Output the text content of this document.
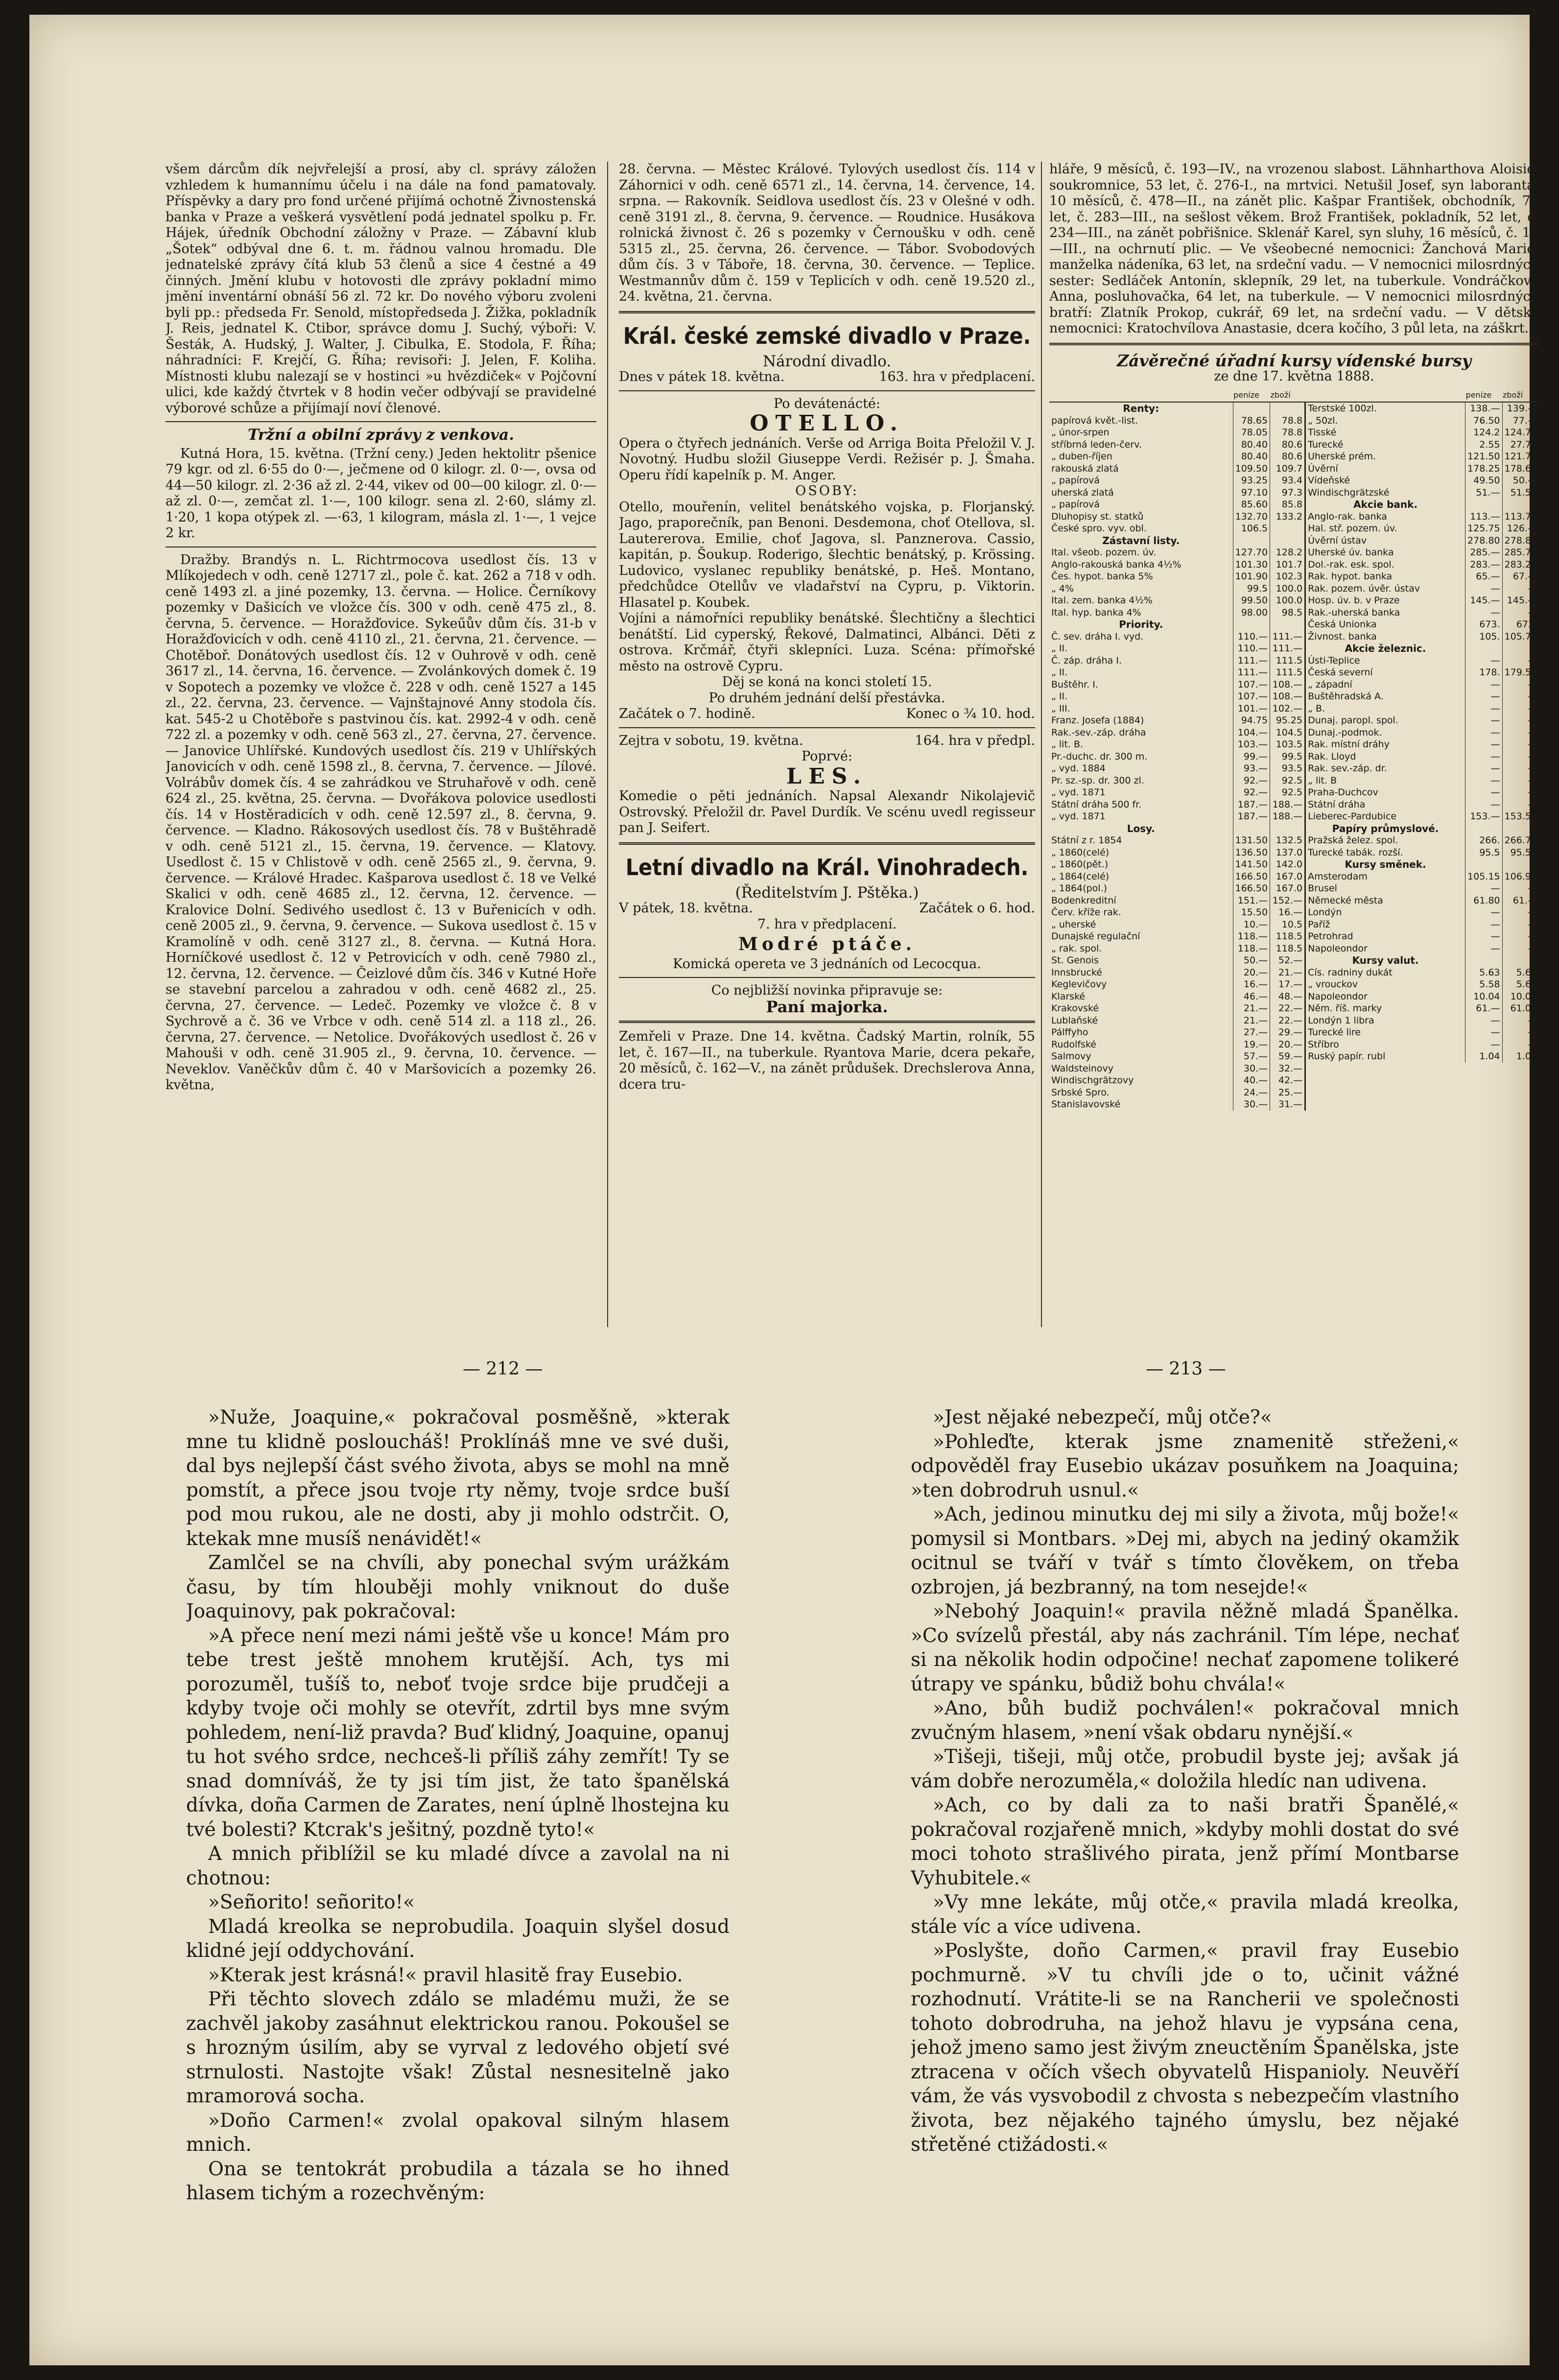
všem dárcům dík nejvřelejší a prosí, aby cl. správy záložen vzhledem k humannímu účelu i na dále na fond pamatovaly. Příspěvky a dary pro fond určené přijímá ochotně Živnostenská banka v Praze a veškerá vysvětlení podá jednatel spolku p. Fr. Hájek, úředník Obchodní záložny v Praze. — Zábavní klub „Šotek“ odbýval dne 6. t. m. řádnou valnou hromadu. Dle jednatelské zprávy čítá klub 53 členů a sice 4 čestné a 49 činných. Jmění klubu v hotovosti dle zprávy pokladní mimo jmění inventární obnáší 56 zl. 72 kr. Do nového výboru zvoleni byli pp.: předseda Fr. Senold, místopředseda J. Žižka, pokladník J. Reis, jednatel K. Ctibor, správce domu J. Suchý, výboři: V. Šesták, A. Hudský, J. Walter, J. Cibulka, E. Stodola, F. Říha; náhradníci: F. Krejčí, G. Říha; revisoři: J. Jelen, F. Koliha. Místnosti klubu nalezají se v hostinci »u hvězdiček« v Pojčovní ulici, kde každý čtvrtek v 8 hodin večer odbývají se pravidelné výborové schůze a přijímají noví členové.

Tržní a obilní zprávy z venkova.

Kutná Hora, 15. května. (Tržní ceny.) Jeden hektolitr pšenice 79 kgr. od zl. 6·55 do 0·—, ječmene od 0 kilogr. zl. 0·—, ovsa od 44—50 kilogr. zl. 2·36 až zl. 2·44, vikev od 00—00 kilogr. zl. 0·— až zl. 0·—, zemčat zl. 1·—, 100 kilogr. sena zl. 2·60, slámy zl. 1·20, 1 kopa otýpek zl. —·63, 1 kilogram, másla zl. 1·—, 1 vejce 2 kr.

Dražby. Brandýs n. L. Richtrmocova usedlost čís. 13 v Mlíkojedech v odh. ceně 12717 zl., pole č. kat. 262 a 718 v odh. ceně 1493 zl. a jiné pozemky, 13. června. — Holice. Černíkovy pozemky v Dašicích ve vložce čís. 300 v odh. ceně 475 zl., 8. června, 5. července. — Horažďovice. Sykeűův dům čís. 31-b v Horažďovicích v odh. ceně 4110 zl., 21. června, 21. července. — Chotěboř. Donátových usedlost čís. 12 v Ouhrově v odh. ceně 3617 zl., 14. června, 16. července. — Zvolánkových domek č. 19 v Sopotech a pozemky ve vložce č. 228 v odh. ceně 1527 a 145 zl., 22. června, 23. července. — Vajnštajnové Anny stodola čís. kat. 545-2 u Chotěboře s pastvinou čís. kat. 2992-4 v odh. ceně 722 zl. a pozemky v odh. ceně 563 zl., 27. června, 27. července. — Janovice Uhlířské. Kundových usedlost čís. 219 v Uhlířských Janovicích v odh. ceně 1598 zl., 8. června, 7. července. — Jílové. Volrábův domek čís. 4 se zahrádkou ve Struhařově v odh. ceně 624 zl., 25. května, 25. června. — Dvořákova polovice usedlosti čís. 14 v Hostěradicích v odh. ceně 12.597 zl., 8. června, 9. července. — Kladno. Rákosových usedlost čís. 78 v Buštěhradě v odh. ceně 5121 zl., 15. června, 19. července. — Klatovy. Usedlost č. 15 v Chlistově v odh. ceně 2565 zl., 9. června, 9. července. — Králové Hradec. Kašparova usedlost č. 18 ve Velké Skalici v odh. ceně 4685 zl., 12. června, 12. července. — Kralovice Dolní. Sedivého usedlost č. 13 v Buřenicích v odh. ceně 2005 zl., 9. června, 9. července. — Sukova usedlost č. 15 v Kramolíně v odh. ceně 3127 zl., 8. června. — Kutná Hora. Horníčkové usedlost č. 12 v Petrovicích v odh. ceně 7980 zl., 12. června, 12. července. — Čeizlové dům čís. 346 v Kutné Hoře se stavební parcelou a zahradou v odh. ceně 4682 zl., 25. června, 27. července. — Ledeč. Pozemky ve vložce č. 8 v Sychrově a č. 36 ve Vrbce v odh. ceně 514 zl. a 118 zl., 26. června, 27. července. — Netolice. Dvořákových usedlost č. 26 v Mahouši v odh. ceně 31.905 zl., 9. června, 10. července. — Neveklov. Vaněčkův dům č. 40 v Maršovicích a pozemky 26. května,

28. června. — Městec Králové. Tylových usedlost čís. 114 v Záhornici v odh. ceně 6571 zl., 14. června, 14. července, 14. srpna. — Rakovník. Seidlova usedlost čís. 23 v Olešné v odh. ceně 3191 zl., 8. června, 9. července. — Roudnice. Husákova rolnická živnost č. 26 s pozemky v Černoušku v odh. ceně 5315 zl., 25. června, 26. července. — Tábor. Svobodových dům čís. 3 v Táboře, 18. června, 30. července. — Teplice. Westmannův dům č. 159 v Teplicích v odh. ceně 19.520 zl., 24. května, 21. června.

Král. české zemské divadlo v Praze.
Národní divadlo.
Dnes v pátek 18. května.	163. hra v předplacení.
Po devátenácté:
OTELLO.

Opera o čtyřech jednáních. Verše od Arriga Boita Přeložil V. J. Novotný. Hudbu složil Giuseppe Verdi. Režisér p. J. Šmaha. Operu řídí kapelník p. M. Anger.

OSOBY:

Otello, mouřenín, velitel benátského vojska, p. Florjanský. Jago, praporečník, pan Benoni. Desdemona, choť Otellova, sl. Lautererova. Emilie, choť Jagova, sl. Panznerova. Cassio, kapitán, p. Šoukup. Roderigo, šlechtic benátský, p. Krössing. Ludovico, vyslanec republiky benátské, p. Heš. Montano, předchůdce Otellův ve vladařství na Cypru, p. Viktorin. Hlasatel p. Koubek.

Vojíni a námořníci republiky benátské. Šlechtičny a šlechtici benátští. Lid cyperský, Řekové, Dalmatinci, Albánci. Děti z ostrova. Krčmář, čtyři sklepníci. Luza. Scéna: přímořské město na ostrově Cypru.

Děj se koná na konci století 15.
Po druhém jednání delší přestávka.
Začátek o 7. hodině.	Konec o ¾ 10. hod.
Zejtra v sobotu, 19. května.	164. hra v předpl.
Poprvé:
LES.

Komedie o pěti jednáních. Napsal Alexandr Nikolajevič Ostrovský. Přeložil dr. Pavel Durdík. Ve scénu uvedl regisseur pan J. Seifert.

Letní divadlo na Král. Vinohradech.
(Ředitelstvím J. Pštěka.)
V pátek, 18. května.	Začátek o 6. hod.
7. hra v předplacení.
Modré ptáče.
Komická opereta ve 3 jednáních od Lecocqua.
Co nejbližší novinka připravuje se:
Paní majorka.

Zemřeli v Praze. Dne 14. května. Čadský Martin, rolník, 55 let, č. 167—II., na tuberkule. Ryantova Marie, dcera pekaře, 20 měsíců, č. 162—V., na zánět průdušek. Drechslerova Anna, dcera tru-

hláře, 9 měsíců, č. 193—IV., na vrozenou slabost. Lähnharthova Aloisie, soukromnice, 53 let, č. 276-I., na mrtvici. Netušil Josef, syn laboranta, 10 měsíců, č. 478—II., na zánět plic. Kašpar František, obchodník, 73 let, č. 283—III., na sešlost věkem. Brož František, pokladník, 52 let, č. 234—III., na zánět pobřišnice. Sklenář Karel, syn sluhy, 16 měsíců, č. 12—III., na ochrnutí plic. — Ve všeobecné nemocnici: Žanchová Marie, manželka nádeníka, 63 let, na srdeční vadu. — V nemocnici milosrdných sester: Sedláček Antonín, sklepník, 29 let, na tuberkule. Vondráčkova Anna, posluhovačka, 64 let, na tuberkule. — V nemocnici milosrdných bratří: Zlatník Prokop, cukrář, 69 let, na srdeční vadu. — V dětské nemocnici: Kratochvílova Anastasie, dcera kočího, 3 půl leta, na záškrt.

Závěrečné úřadní kursy vídenské bursy
ze dne 17. května 1888.
	peníze	zboží		peníze	zboží
Renty:			Terstské 100zl.	138.—	139.—
papírová květ.-list.	78.65	78.8	„ 50zl.	76.50	77.—
„ únor-srpen	78.05	78.8	Tisské	124.2	124.75
stříbrná leden-červ.	80.40	80.6	Turecké	2.55	27.70
„ duben-říjen	80.40	80.6	Uherské prém.	121.50	121.75
rakouská zlatá	109.50	109.7	Úvěrní	178.25	178.60
„ papírová	93.25	93.4	Vídeňské	49.50	50.—
uherská zlatá	97.10	97.3	Windischgrätzské	51.—	51.50
„ papírová	85.60	85.8	Akcie bank.		
Dluhopisy st. statků	132.70	133.2	Anglo-rak. banka	113.—	113.75
České spro. vyv. obl.	106.5		Hal. stř. pozem. úv.	125.75	126.—
Zástavní listy.			Úvěrní ústav	278.80	278.80
Ital. všeob. pozem. úv.	127.70	128.2	Uherské úv. banka	285.—	285.75
Anglo-rakouská banka 4½%	101.30	101.7	Dol.-rak. esk. spol.	283.—	283.25
Čes. hypot. banka 5%	101.90	102.3	Rak. hypot. banka	65.—	67.—
„ 4%	99.5	100.0	Rak. pozem. úvěr. ústav	—	—
Ital. zem. banka 4½%	99.50	100.0	Hosp. úv. b. v Praze	145.—	145.—
Ital. hyp. banka 4%	98.00	98.5	Rak.-uherská banka	—	—
Priority.			Česká Unionka	673.	673.
Č. sev. dráha I. vyd.	110.—	111.—	Živnost. banka	105.	105.75
„ II.	110.—	111.—	Akcie železnic.		
Č. záp. dráha I.	111.—	111.5	Ústi-Teplice	—	—
„ II.	111.—	111.5	Česká severní	178.	179.50
Buštěhr. I.	107.—	108.—	„ západní	—	—
„ II.	107.—	108.—	Buštěhradská A.	—	—
„ III.	101.—	102.—	„ B.	—	—
Franz. Josefa (1884)	94.75	95.25	Dunaj. paropl. spol.	—	—
Rak.-sev.-záp. dráha	104.—	104.5	Dunaj.-podmok.	—	—
„ lit. B.	103.—	103.5	Rak. místní dráhy	—	—
Pr.-duchc. dr. 300 m.	99.—	99.5	Rak. Lloyd	—	—
„ vyd. 1884	93.—	93.5	Rak. sev.-záp. dr.	—	—
Pr. sz.-sp. dr. 300 zl.	92.—	92.5	„ lit. B	—	—
„ vyd. 1871	92.—	92.5	Praha-Duchcov	—	—
Státní dráha 500 fr.	187.—	188.—	Státní dráha	—	—
„ vyd. 1871	187.—	188.—	Lieberec-Pardubice	153.—	153.50
Losy.			Papíry průmyslové.		
Státní z r. 1854	131.50	132.5	Pražská želez. spol.	266.	266.75
„ 1860(celé)	136.50	137.0	Turecké tabák. rozší.	95.5	95.50
„ 1860(pět.)	141.50	142.0	Kursy směnek.		
„ 1864(celé)	166.50	167.0	Amsterodam	105.15	106.90
„ 1864(pol.)	166.50	167.0	Brusel	—	—
Bodenkreditní	151.—	152.—	Německé města	61.80	61.—
Červ. kříže rak.	15.50	16.—	Londýn	—	—
„ uherské	10.—	10.5	Paříž	—	—
Dunajské regulační	118.—	118.5	Petrohrad	—	—
„ rak. spol.	118.—	118.5	Napoleondor	—	—
St. Genois	50.—	52.—	Kursy valut.		
Innsbrucké	20.—	21.—	Cís. radniny dukát	5.63	5.67
Keglevičovy	16.—	17.—	„ vrouckov	5.58	5.62
Klarské	46.—	48.—	Napoleondor	10.04	10.06
Krakovské	21.—	22.—	Něm. říš. marky	61.—	61.07
Lublaňské	21.—	22.—	Londýn 1 libra	—	—
Pálffyho	27.—	29.—	Turecké lire	—	—
Rudolfské	19.—	20.—	Stříbro	—	—
Salmovy	57.—	59.—	Ruský papír. rubl	1.04	1.05
Waldsteinovy	30.—	32.—			
Windischgrätzovy	40.—	42.—			
Srbské Spro.	24.—	25.—			
Stanislavovské	30.—	31.—			
— 212 —	— 213 —

»Nuže, Joaquine,« pokračoval posměšně, »kterak mne tu klidně posloucháš! Proklínáš mne ve své duši, dal bys nejlepší část svého života, abys se mohl na mně pomstít, a přece jsou tvoje rty němy, tvoje srdce buší pod mou rukou, ale ne dosti, aby ji mohlo odstrčit. O, ktekak mne musíš nenávidět!«

Zamlčel se na chvíli, aby ponechal svým urážkám času, by tím hlouběji mohly vniknout do duše Joaquinovy, pak pokračoval:

»A přece není mezi námi ještě vše u konce! Mám pro tebe trest ještě mnohem krutější. Ach, tys mi porozuměl, tušíš to, neboť tvoje srdce bije prudčeji a kdyby tvoje oči mohly se otevřít, zdrtil bys mne svým pohledem, není-liž pravda? Buď klidný, Joaquine, opanuj tu hot svého srdce, nechceš-li příliš záhy zemřít! Ty se snad domníváš, že ty jsi tím jist, že tato španělská dívka, doña Carmen de Zarates, není úplně lhostejna ku tvé bolesti? Ktcrak's ješitný, pozdně tyto!«

A mnich přiblížil se ku mladé dívce a zavolal na ni chotnou:

»Señorito! señorito!«

Mladá kreolka se neprobudila. Joaquin slyšel dosud klidné její oddychování.

»Kterak jest krásná!« pravil hlasitě fray Eusebio.

Při těchto slovech zdálo se mladému muži, že se zachvěl jakoby zasáhnut elektrickou ranou. Pokoušel se s hrozným úsilím, aby se vyrval z ledového objetí své strnulosti. Nastojte však! Zůstal nesnesitelně jako mramorová socha.

»Doño Carmen!« zvolal opakoval silným hlasem mnich.

Ona se tentokrát probudila a tázala se ho ihned hlasem tichým a rozechvěným:

»Jest nějaké nebezpečí, můj otče?«

»Pohleďte, kterak jsme znamenitě střeženi,« odpověděl fray Eusebio ukázav posuňkem na Joaquina; »ten dobrodruh usnul.«

»Ach, jedinou minutku dej mi sily a života, můj bože!« pomysil si Montbars. »Dej mi, abych na jediný okamžik ocitnul se tváří v tvář s tímto člověkem, on třeba ozbrojen, já bezbranný, na tom nesejde!«

»Nebohý Joaquin!« pravila něžně mladá Španělka. »Co svízelů přestál, aby nás zachránil. Tím lépe, nechať si na několik hodin odpočine! nechať zapomene tolikeré útrapy ve spánku, bůdiž bohu chvála!«

»Ano, bůh budiž pochválen!« pokračoval mnich zvučným hlasem, »není však obdaru nynější.«

»Tišeji, tišeji, můj otče, probudil byste jej; avšak já vám dobře nerozuměla,« doložila hledíc nan udivena.

»Ach, co by dali za to naši bratři Španělé,« pokračoval rozjařeně mnich, »kdyby mohli dostat do své moci tohoto strašlivého pirata, jenž přímí Montbarse Vyhubitele.«

»Vy mne lekáte, můj otče,« pravila mladá kreolka, stále víc a více udivena.

»Poslyšte, doño Carmen,« pravil fray Eusebio pochmurně. »V tu chvíli jde o to, učinit vážné rozhodnutí. Vrátite-li se na Rancherii ve společnosti tohoto dobrodruha, na jehož hlavu je vypsána cena, jehož jmeno samo jest živým zneuctěním Španělska, jste ztracena v očích všech obyvatelů Hispanioly. Neuvěří vám, že vás vysvobodil z chvosta s nebezpečím vlastního života, bez nějakého tajného úmyslu, bez nějaké střetěné ctižádosti.«
